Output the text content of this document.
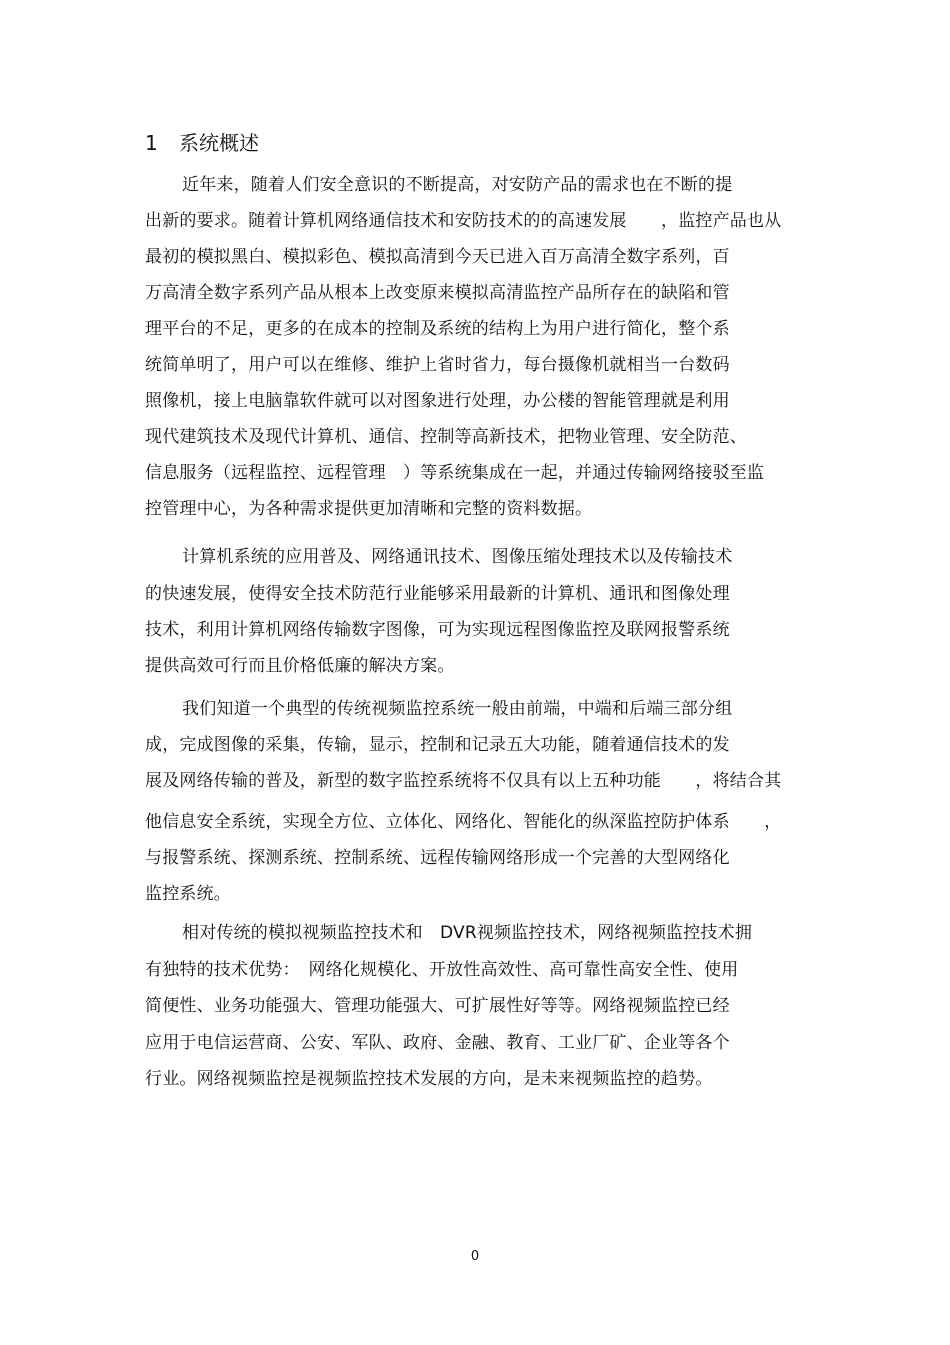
1 系统概述
近年来，随着人们安全意识的不断提高，对安防产品的需求也在不断的提
出新的要求。随着计算机网络通信技术和安防技术的的高速发展　　，监控产品也从
最初的模拟黑白、模拟彩色、模拟高清到今天已进入百万高清全数字系列，百
万高清全数字系列产品从根本上改变原来模拟高清监控产品所存在的缺陷和管
理平台的不足，更多的在成本的控制及系统的结构上为用户进行简化，整个系
统简单明了，用户可以在维修、维护上省时省力，每台摄像机就相当一台数码
照像机，接上电脑靠软件就可以对图象进行处理，办公楼的智能管理就是利用
现代建筑技术及现代计算机、通信、控制等高新技术，把物业管理、安全防范、
信息服务（远程监控、远程管理　）等系统集成在一起，并通过传输网络接驳至监
控管理中心，为各种需求提供更加清晰和完整的资料数据。
计算机系统的应用普及、网络通讯技术、图像压缩处理技术以及传输技术
的快速发展，使得安全技术防范行业能够采用最新的计算机、通讯和图像处理
技术，利用计算机网络传输数字图像，可为实现远程图像监控及联网报警系统
提供高效可行而且价格低廉的解决方案。
我们知道一个典型的传统视频监控系统一般由前端，中端和后端三部分组
成，完成图像的采集，传输，显示，控制和记录五大功能，随着通信技术的发
展及网络传输的普及，新型的数字监控系统将不仅具有以上五种功能　　，将结合其
他信息安全系统，实现全方位、立体化、网络化、智能化的纵深监控防护体系　　，
与报警系统、探测系统、控制系统、远程传输网络形成一个完善的大型网络化
监控系统。
相对传统的模拟视频监控技术和　DVR视频监控技术，网络视频监控技术拥
有独特的技术优势：　网络化规模化、开放性高效性、高可靠性高安全性、使用
简便性、业务功能强大、管理功能强大、可扩展性好等等。网络视频监控已经
应用于电信运营商、公安、军队、政府、金融、教育、工业厂矿、企业等各个
行业。网络视频监控是视频监控技术发展的方向，是未来视频监控的趋势。
0
